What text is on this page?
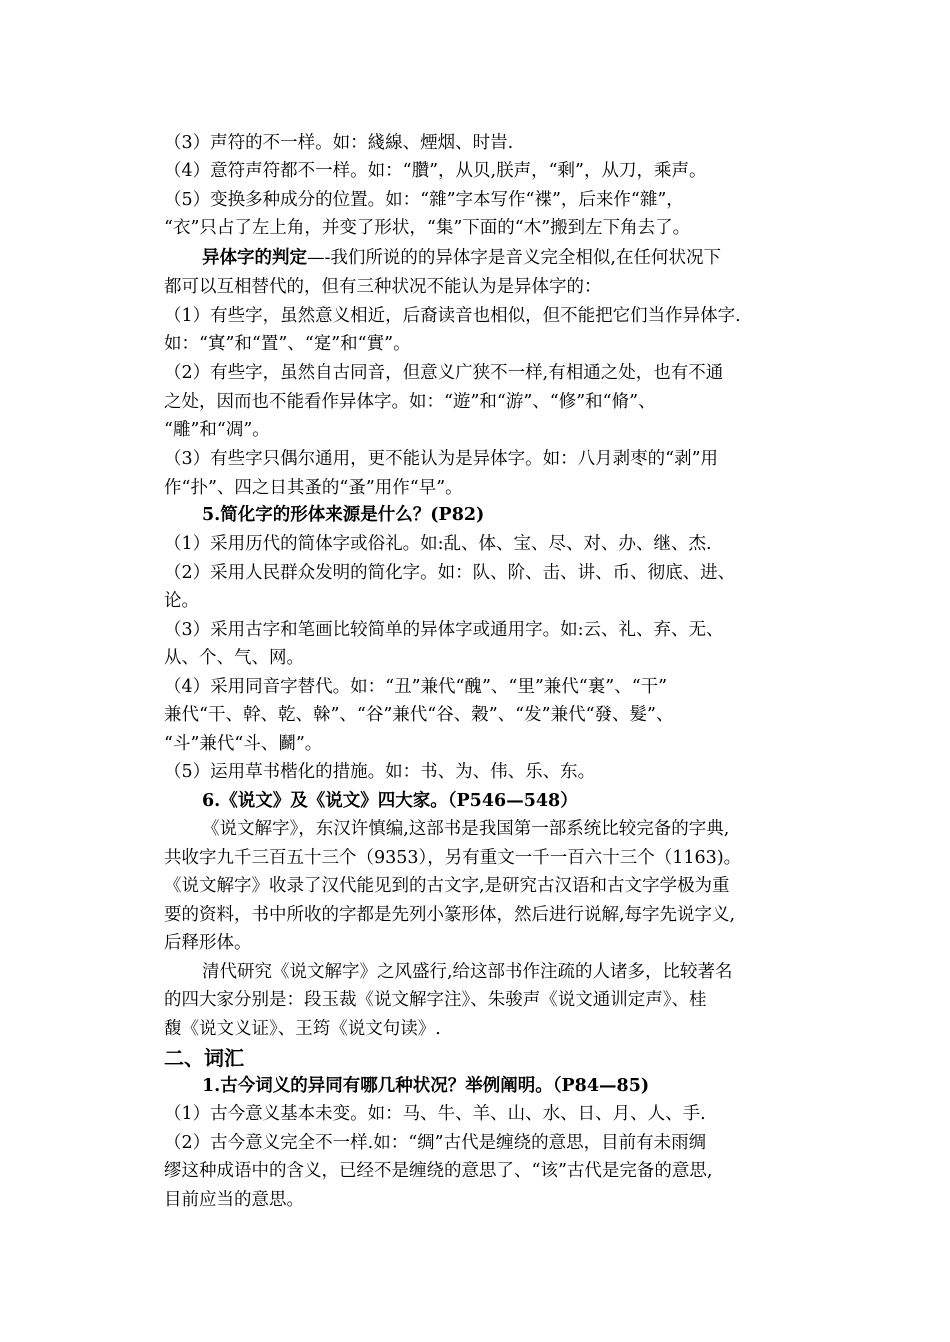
（3）声符的不一样。如：綫線、煙烟、时旹.
（4）意符声符都不一样。如：“臢”，从贝,朕声，“剩”，从刀，乘声。
（5）变换多种成分的位置。如：“雜”字本写作“褋”，后来作“雜”，
“衣”只占了左上角，并变了形状，“集”下面的“木”搬到左下角去了。
异体字的判定—-我们所说的的异体字是音义完全相似,在任何状况下
都可以互相替代的，但有三种状况不能认为是异体字的：
（1）有些字，虽然意义相近，后裔读音也相似，但不能把它们当作异体字.
如：“寘”和“置”、“寔”和“實”。
（2）有些字，虽然自古同音，但意义广狭不一样,有相通之处，也有不通
之处，因而也不能看作异体字。如：“遊”和“游”、“修”和“脩”、
“雕”和“凋”。
（3）有些字只偶尔通用，更不能认为是异体字。如：八月剥枣的“剥”用
作“扑”、四之日其蚤的“蚤”用作“早”。
5.简化字的形体来源是什么？(P82)
（1）采用历代的简体字或俗礼。如:乱、体、宝、尽、对、办、继、杰.
（2）采用人民群众发明的简化字。如：队、阶、击、讲、币、彻底、进、
论。
（3）采用古字和笔画比较简单的异体字或通用字。如:云、礼、弃、无、
从、个、气、网。
（4）采用同音字替代。如：“丑”兼代“醜”、“里”兼代“裏”、“干”
兼代“干、幹、乾、榦”、“谷”兼代“谷、穀”、“发”兼代“發、髮”、
“斗”兼代“斗、鬬”。
（5）运用草书楷化的措施。如：书、为、伟、乐、东。
6.《说文》及《说文》四大家。（P546—548）
《说文解字》，东汉许慎编,这部书是我国第一部系统比较完备的字典,
共收字九千三百五十三个（9353），另有重文一千一百六十三个（1163)。
《说文解字》收录了汉代能见到的古文字,是研究古汉语和古文字学极为重
要的资料，书中所收的字都是先列小篆形体，然后进行说解,每字先说字义,
后释形体。
清代研究《说文解字》之风盛行,给这部书作注疏的人诸多，比较著名
的四大家分别是：段玉裁《说文解字注》、朱骏声《说文通训定声》、桂
馥《说文义证》、王筠《说文句读》.
二、词汇
1.古今词义的异同有哪几种状况？举例阐明。（P84—85)
（1）古今意义基本未变。如：马、牛、羊、山、水、日、月、人、手.
（2）古今意义完全不一样.如：“绸”古代是缠绕的意思，目前有未雨绸
缪这种成语中的含义，已经不是缠绕的意思了、“该”古代是完备的意思,
目前应当的意思。
